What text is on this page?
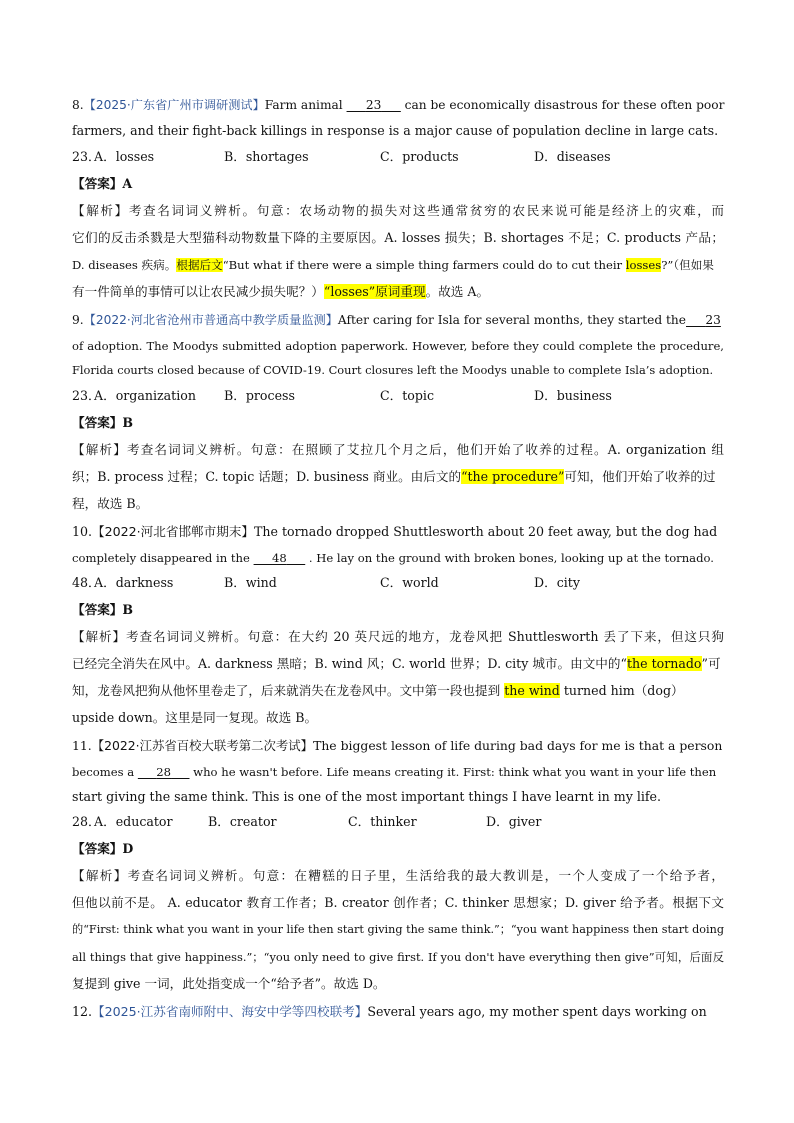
8.【2025·广东省广州市调研测试】Farm animal      23      can be economically disastrous for these often poor
farmers, and their fight-back killings in response is a major cause of population decline in large cats.
23．
A．losses	B．shortages	C．products	D．diseases
【答案】A
【解析】考查名词词义辨析。句意：农场动物的损失对这些通常贫穷的农民来说可能是经济上的灾难，而
它们的反击杀戮是大型猫科动物数量下降的主要原因。A. losses 损失；B. shortages 不足；C. products 产品；
D. diseases 疾病。根据后文“But what if there were a simple thing farmers could do to cut their losses?”（但如果
有一件简单的事情可以让农民减少损失呢？）“losses”原词重现。故选 A。
9.【2022·河北省沧州市普通高中教学质量监测】After caring for Isla for several months, they started the 23
of adoption. The Moodys submitted adoption paperwork. However, before they could complete the procedure,
Florida courts closed because of COVID-19. Court closures left the Moodys unable to complete Isla’s adoption.
23．
A．organization B．process	C．topic	D．business
【答案】B
【解析】考查名词词义辨析。句意：在照顾了艾拉几个月之后，他们开始了收养的过程。A. organization 组
织；B. process 过程；C. topic 话题；D. business 商业。由后文的“the procedure”可知，他们开始了收养的过
程，故选 B。
10.【2022·河北省邯郸市期末】The tornado dropped Shuttlesworth about 20 feet away, but the dog had
completely disappeared in the      48      . He lay on the ground with broken bones, looking up at the tornado.
48．
A．darkness	B．wind	C．world	D．city
【答案】B
【解析】考查名词词义辨析。句意：在大约 20 英尺远的地方，龙卷风把 Shuttlesworth 丢了下来，但这只狗
已经完全消失在风中。A. darkness 黑暗；B. wind 风；C. world 世界；D. city 城市。由文中的“the tornado”可
知，龙卷风把狗从他怀里卷走了，后来就消失在龙卷风中。文中第一段也提到 the wind turned him（dog）
upside down。这里是同一复现。故选 B。
11.【2022·江苏省百校大联考第二次考试】The biggest lesson of life during bad days for me is that a person
becomes a      28      who he wasn't before. Life means creating it. First: think what you want in your life then
start giving the same think. This is one of the most important things I have learnt in my life.
28．
A．educator	B．creator	C．thinker	D．giver
【答案】D
【解析】考查名词词义辨析。句意：在糟糕的日子里，生活给我的最大教训是，一个人变成了一个给予者，
但他以前不是。 A. educator 教育工作者；B. creator 创作者；C. thinker 思想家；D. giver 给予者。根据下文
的“First: think what you want in your life then start giving the same think.”；“you want happiness then start doing
all things that give happiness.”；“you only need to give first. If you don't have everything then give”可知，后面反
复提到 give 一词，此处指变成一个“给予者”。故选 D。
12.【2025·江苏省南师附中、海安中学等四校联考】Several years ago, my mother spent days working on
